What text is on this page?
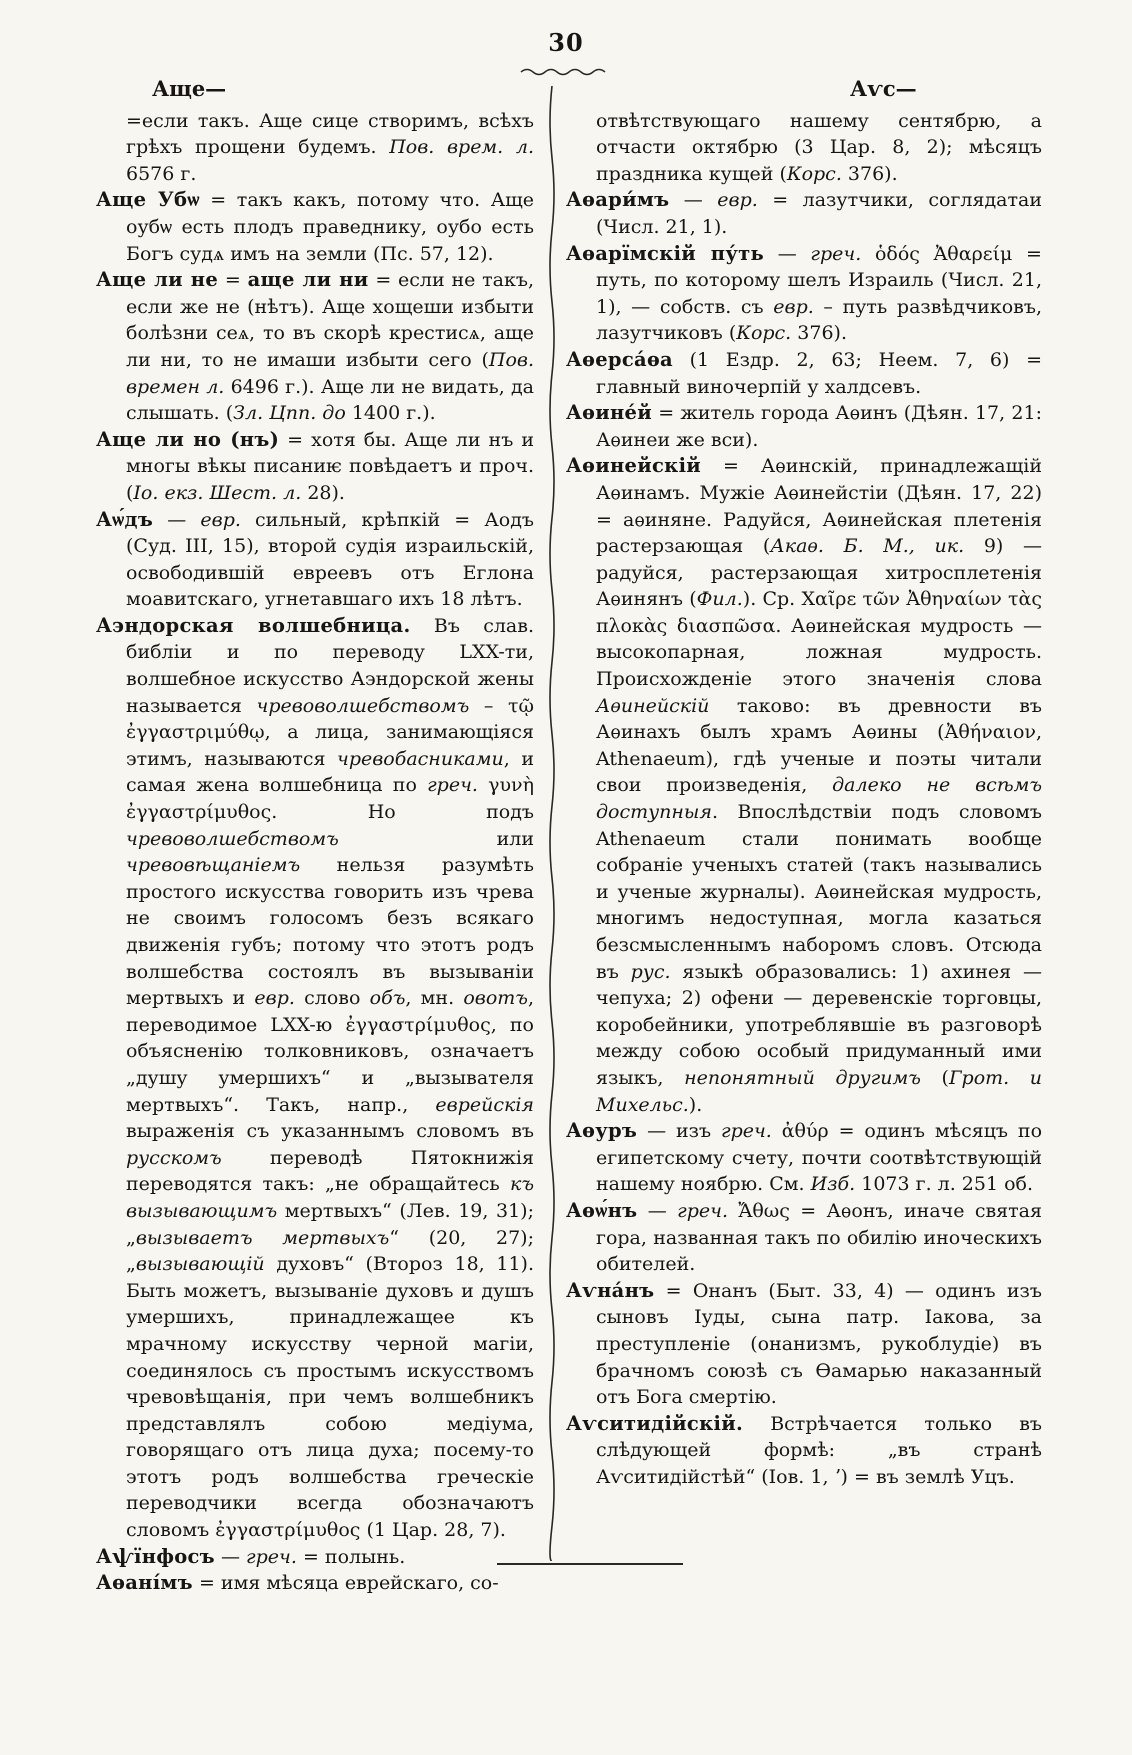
30

Аще—

=если такъ. Аще сице створимъ, всѣхъ грѣхъ прощени будемъ. Пов. врем. л. 6576 г.

Аще Убѡ = такъ какъ, потому что. Аще оубѡ есть плодъ праведнику, оубо есть Богъ судѧ имъ на земли (Пс. 57, 12).

Аще ли не = аще ли ни = если не такъ, если же не (нѣтъ). Аще хощеши избыти болѣзни сеѧ, то въ скорѣ крестисѧ, аще ли ни, то не имаши избыти сего (Пов. времен л. 6496 г.). Аще ли не видать, да слышать. (Зл. Цпп. до 1400 г.).

Аще ли но (нъ) = хотя бы. Аще ли нъ и многы вѣкы писаниѥ повѣдаетъ и проч. (Іо. екз. Шест. л. 28).

Аѡ́дъ — евр. сильный, крѣпкій = Аодъ (Суд. III, 15), второй судія израильскій, освободившій евреевъ отъ Еглона моавитскаго, угнетавшаго ихъ 18 лѣтъ.

Аэндорская волшебница. Въ слав. библіи и по переводу LXX-ти, волшебное искусство Аэндорской жены называется чревоволшебствомъ – τῷ ἐγγαστριμύθῳ, а лица, занимающіяся этимъ, называются чревобасниками, и самая жена волшебница по греч. γυνὴ ἐγγαστρίμυθος. Но подъ чревоволшебствомъ или чревовѣщаніемъ нельзя разумѣть простого искусства говорить изъ чрева не своимъ голосомъ безъ всякаго движенія губъ; потому что этотъ родъ волшебства состоялъ въ вызываніи мертвыхъ и евр. слово объ, мн. овотъ, переводимое LXX-ю ἐγγαστρίμυθος, по объясненію толковниковъ, означаетъ „душу умершихъ“ и „вызывателя мертвыхъ“. Такъ, напр., еврейскія выраженія съ указаннымъ словомъ въ русскомъ переводѣ Пятокнижія переводятся такъ: „не обращайтесь къ вызывающимъ мертвыхъ“ (Лев. 19, 31); „вызываетъ мертвыхъ“ (20, 27); „вызывающій духовъ“ (Второз 18, 11). Быть можетъ, вызываніе духовъ и душъ умершихъ, принадлежащее къ мрачному искусству черной магіи, соединялось съ простымъ искусствомъ чревовѣщанія, при чемъ волшебникъ представлялъ собою медіума, говорящаго отъ лица духа; посему-то этотъ родъ волшебства греческіе переводчики всегда обозначаютъ словомъ ἐγγαστρίμυθος (1 Цар. 28, 7).

Аѱїнфосъ — греч. = полынь.

Аѳані́мъ = имя мѣсяца еврейскаго, со-

Аѵс—

отвѣтствующаго нашему сентябрю, а отчасти октябрю (3 Цар. 8, 2); мѣсяцъ праздника кущей (Корс. 376).

Аѳари́мъ — евр. = лазутчики, соглядатаи (Числ. 21, 1).

Аѳарїмскій пу́ть — греч. ὁδός Ἀθαρείμ = путь, по которому шелъ Израиль (Числ. 21, 1), — собств. съ евр. – путь развѣдчиковъ, лазутчиковъ (Корс. 376).

Аѳерса́ѳа (1 Ездр. 2, 63; Неем. 7, 6) = главный виночерпій у халдсевъ.

Аѳине́й = житель города Аѳинъ (Дѣян. 17, 21: Аѳинеи же вси).

Аѳинейскій = Аѳинскій, принадлежащій Аѳинамъ. Мужіе Аѳинейстіи (Дѣян. 17, 22) = аѳиняне. Радуйся, Аѳинейская плетенія растерзающая (Акаѳ. Б. М., ик. 9) — радуйся, растерзающая хитросплетенія Аѳинянъ (Фил.). Ср. Χαῖρε τῶν Ἀθηναίων τὰς πλοκὰς διασπῶσα. Аѳинейская мудрость — высокопарная, ложная мудрость. Происхожденіе этого значенія слова Аѳинейскій таково: въ древности въ Аѳинахъ былъ храмъ Аѳины (Ἀθήναιον, Athenaeum), гдѣ ученые и поэты читали свои произведенія, далеко не всѣмъ доступныя. Впослѣдствіи подъ словомъ Athenaeum стали понимать вообще собраніе ученыхъ статей (такъ назывались и ученые журналы). Аѳинейская мудрость, многимъ недоступная, могла казаться безсмысленнымъ наборомъ словъ. Отсюда въ рус. языкѣ образовались: 1) ахинея — чепуха; 2) офени — деревенскіе торговцы, коробейники, употреблявшіе въ разговорѣ между собою особый придуманный ими языкъ, непонятный другимъ (Грот. и Михельс.).

Аѳуръ — изъ греч. ἀθύρ = одинъ мѣсяцъ по египетскому счету, почти соотвѣтствующій нашему ноябрю. См. Изб. 1073 г. л. 251 об.

Аѳѡ́нъ — греч. Ἄθως = Аѳонъ, иначе святая гора, названная такъ по обилію иноческихъ обителей.

Аѵна́нъ = Онанъ (Быт. 33, 4) — одинъ изъ сыновъ Іуды, сына патр. Іакова, за преступленіе (онанизмъ, рукоблудіе) въ брачномъ союзѣ съ Ѳамарью наказанный отъ Бога смертію.

Аѵситидійскій. Встрѣчается только въ слѣдующей формѣ: „въ странѣ Аѵситидійстѣй“ (Іов. 1, ʼ) = въ землѣ Уцъ.
